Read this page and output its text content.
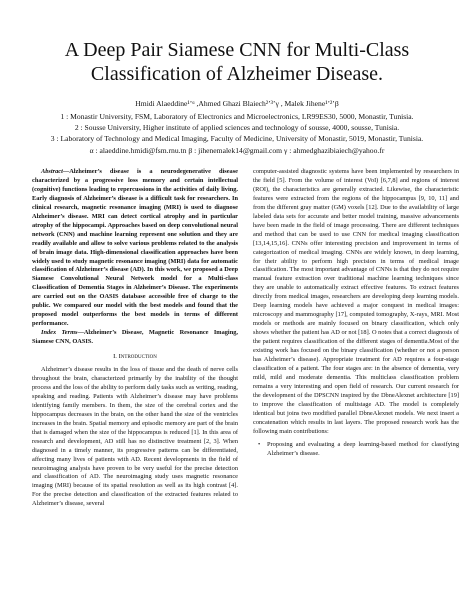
A Deep Pair Siamese CNN for Multi-Class
Classification of Alzheimer Disease.
Hmidi Alaeddine¹ʼᵅ ,Ahmed Ghazi Blaiech²ʼ³ʼγ , Malek Jihene¹ʼ²ʼβ
1 : Monastir University, FSM, Laboratory of Electronics and Microelectronics, LR99ES30, 5000, Monastir, Tunisia.
2 : Sousse University, Higher institute of applied sciences and technology of sousse, 4000, sousse, Tunisia.
3 : Laboratory of Technology and Medical Imaging, Faculty of Medicine, University of Monastir, 5019, Monastir, Tunisia.
α : alaeddine.hmidi@fsm.rnu.tn β : jihenemalek14@gmail.com γ : ahmedghazibiaiech@yahoo.fr

Abstract—Alzheimer’s disease is a neurodegenerative disease characterized by a progressive loss memory and certain intellectual (cognitive) functions leading to repercussions in the activities of daily living. Early diagnosis of Alzheimer’s disease is a difficult task for researchers. In clinical research, magnetic resonance imaging (MRI) is used to diagnose Alzheimer’s disease. MRI can detect cortical atrophy and in particular atrophy of the hippocampi. Approaches based on deep convolutional neural network (CNN) and machine learning represent one solution and they are readily available and allow to solve various problems related to the analysis of brain image data. High-dimensional classification approaches have been widely used to study magnetic resonance imaging (MRI) data for automatic classification of Alzheimer’s disease (AD). In this work, we proposed a Deep Siamese Convolutional Neural Network model for a Multi-class Classification of Dementia Stages in Alzheimer’s Disease. The experiments are carried out on the OASIS database accessible free of charge to the public. We compared our model with the best models and found that the proposed model outperforms the best models in terms of different performance.

Index Terms—Alzheimer’s Disease, Magnetic Resonance Imaging, Siamese CNN, OASIS.

I. Introduction

Alzheimer’s disease results in the loss of tissue and the death of nerve cells throughout the brain, characterized primarily by the inability of the thought process and the loss of the ability to perform daily tasks such as writing, reading, speaking and reading. Patients with Alzheimer’s disease may have problems identifying family members. In them, the size of the cerebral cortex and the hippocampus decreases in the brain, on the other hand the size of the ventricles increases in the brain. Spatial memory and episodic memory are part of the brain that is damaged when the size of the hippocampus is reduced [1]. In this area of research and development, AD still has no distinctive treatment [2, 3]. When diagnosed in a timely manner, its progressive patterns can be differentiated, affecting many lives of patients with AD. Recent developments in the field of neuroimaging analysis have proven to be very useful for the precise detection and classification of AD. The neuroimaging study uses magnetic resonance imaging (MRI) because of its spatial resolution as well as its high contrast [4]. For the precise detection and classification of the extracted features related to Alzheimer’s disease, several

computer-assisted diagnostic systems have been implemented by researchers in the field [5]. From the volume of interest (VoI) [6,7,8] and regions of interest (ROI), the characteristics are generally extracted. Likewise, the characteristic features were extracted from the regions of the hippocampus [9, 10, 11] and from the different gray matter (GM) voxels [12]. Due to the availability of large labeled data sets for accurate and better model training, massive advancements have been made in the field of image processing. There are different techniques and method that can be used to use CNN for medical imaging classification [13,14,15,16]. CNNs offer interesting precision and improvement in terms of categorization of medical imaging. CNNs are widely known, in deep learning, for their ability to perform high precision in terms of medical image classification. The most important advantage of CNNs is that they do not require manual feature extraction over traditional machine learning techniques since they are unable to automatically extract effective features. To extract features directly from medical images, researchers are developing deep learning models. Deep learning models have achieved a major conquest in medical images: microscopy and mammography [17], computed tomography, X-rays, MRI. Most models or methods are mainly focused on binary classification, which only shows whether the patient has AD or not [18]. O notes that a correct diagnosis of the patient requires classification of the different stages of dementia.Most of the existing work has focused on the binary classification (whether or not a person has Alzheimer’s disease). Appropriate treatment for AD requires a four-stage classification of a patient. The four stages are: in the absence of dementia, very mild, mild and moderate dementia. This multiclass classification problem remains a very interesting and open field of research. Our current research for the development of the DPSCNN inspired by the DbneAlexnet architecture [19] to improve the classification of multistage AD. The model is completely identical but joins two modified parallel DbneAlexnet models. We next insert a concatenation which results in last layers. The proposed research work has the following main contributions:

• Proposing and evaluating a deep learning-based method for classifying Alzheimer’s disease.
